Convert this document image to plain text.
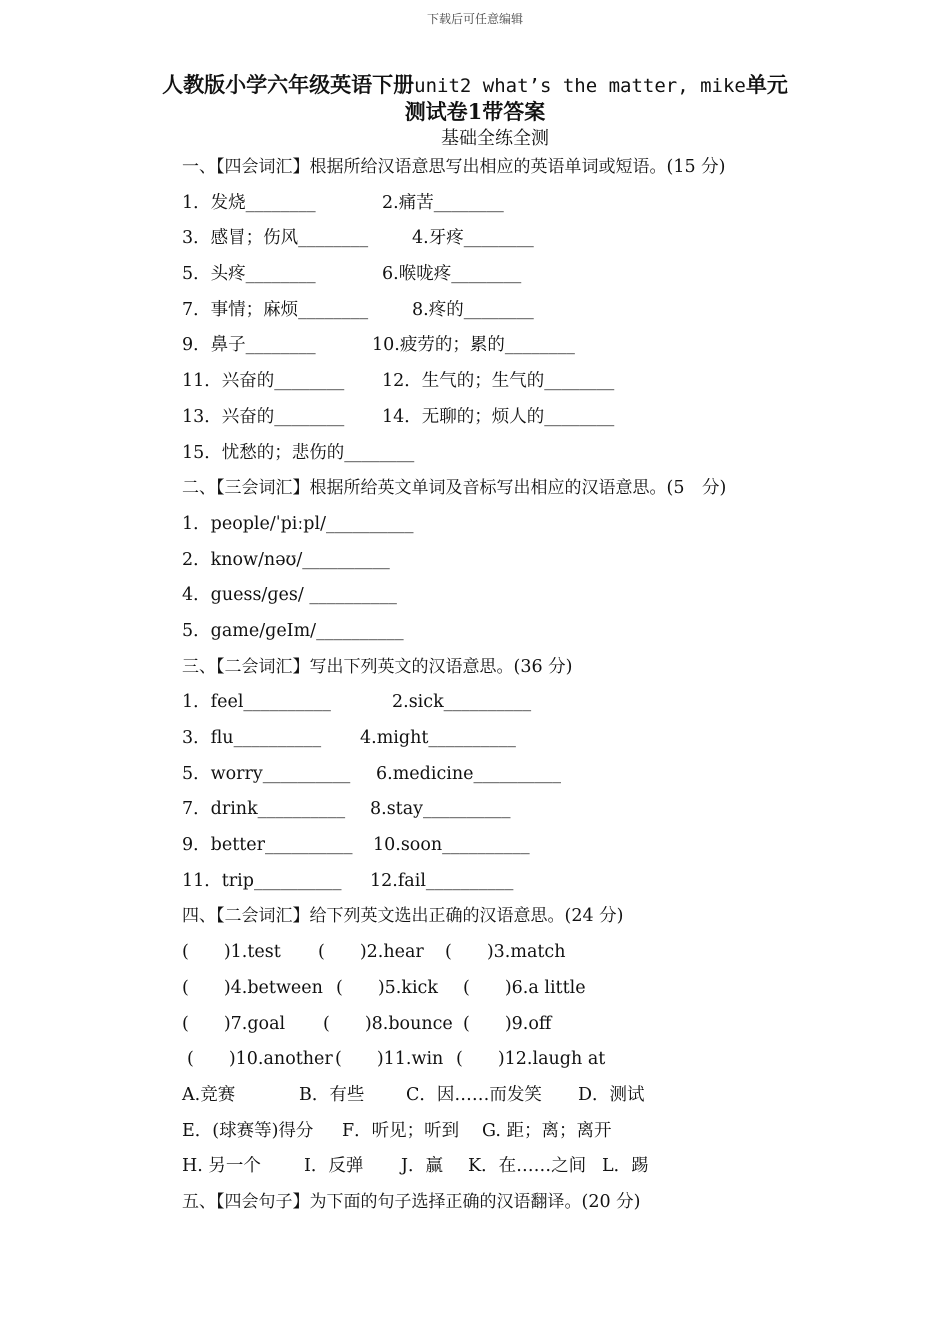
下载后可任意编辑
人教版小学六年级英语下册unit2 what’s the matter, mike单元
测试卷1带答案
基础全练全测
一、【四会词汇】根据所给汉语意思写出相应的英语单词或短语。(15 分)
1．发烧________	2.痛苦________
3．感冒；伤风________	4.牙疼________
5．头疼________	6.喉咙疼________
7．事情；麻烦________	8.疼的________
9．鼻子________	10.疲劳的；累的________
11．兴奋的________ 12．生气的；生气的________
13．兴奋的________ 14．无聊的；烦人的________
15．忧愁的；悲伤的________
二、【三会词汇】根据所给英文单词及音标写出相应的汉语意思。(5　分)
1．people/ˈpiːpl/__________
2．know/nəʊ/__________
4．guess/ɡes/ __________
5．game/ɡeIm/__________
三、【二会词汇】写出下列英文的汉语意思。(36 分)
1．feel__________	2.sick__________
3．flu__________ 4.might__________
5．worry__________ 6.medicine__________
7．drink__________ 8.stay__________
9．better__________ 10.soon__________
11．trip__________ 12.fail__________
四、【二会词汇】给下列英文选出正确的汉语意思。(24 分)
(　　)1.test (　　)2.hear (　　)3.match
(　　)4.between (　　)5.kick (　　)6.a little
(　　)7.goal (　　)8.bounce (　　)9.off
(　　)10.another (　　)11.win (　　)12.laugh at
A.竞赛	B．有些 C．因……而发笑 D．测试
E．(球赛等)得分 F．听见；听到 G. 距；离；离开
H. 另一个 I．反弹 J．赢 K．在……之间 L．踢
五、【四会句子】为下面的句子选择正确的汉语翻译。(20 分)
